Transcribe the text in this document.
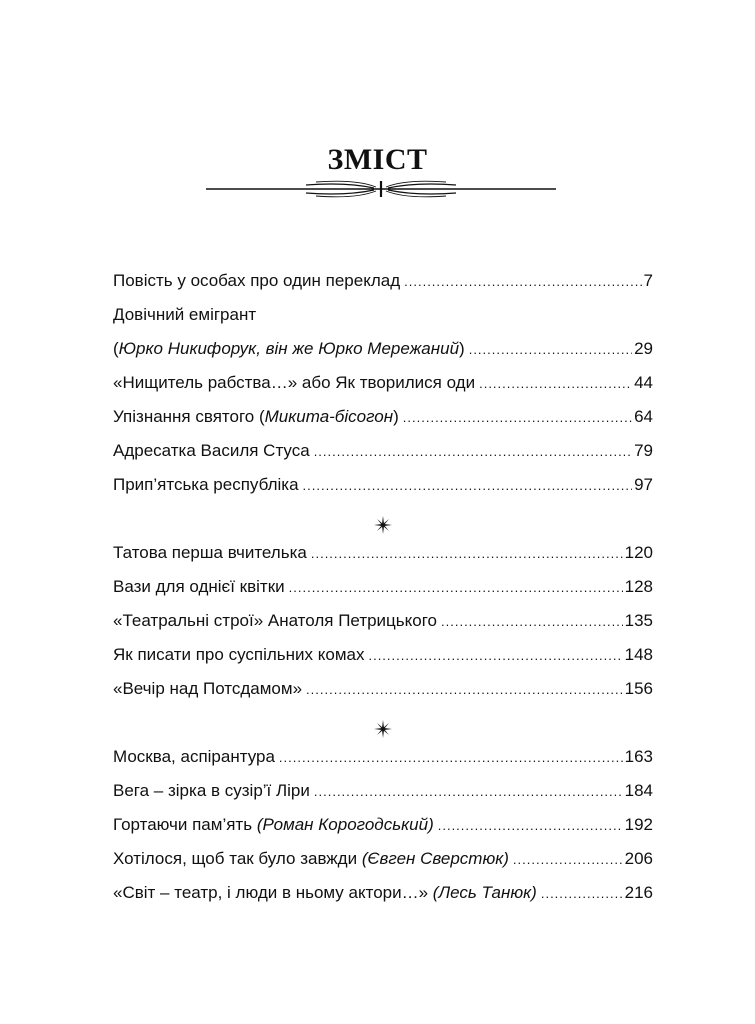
ЗМІСТ
Повість у особах про один переклад .....	7
Довічний емігрант
(Юрко Никифорук, він же Юрко Мережаний) .....	29
«Нищитель рабства…» або Як творилися оди .....	44
Упізнання святого (Микита-бісогон) .....	64
Адресатка Василя Стуса .....	79
Прип’ятська республіка .....	97
Татова перша вчителька .....	120
Вази для однієї квітки .....	128
«Театральні строї» Анатоля Петрицького .....	135
Як писати про суспільних комах .....	148
«Вечір над Потсдамом» .....	156
Москва, аспірантура .....	163
Вега – зірка в сузір’ї Ліри .....	184
Гортаючи пам’ять (Роман Корогодський) .....	192
Хотілося, щоб так було завжди (Євген Сверстюк) .....	206
«Світ – театр, і люди в ньому актори…» (Лесь Танюк) .....	216
